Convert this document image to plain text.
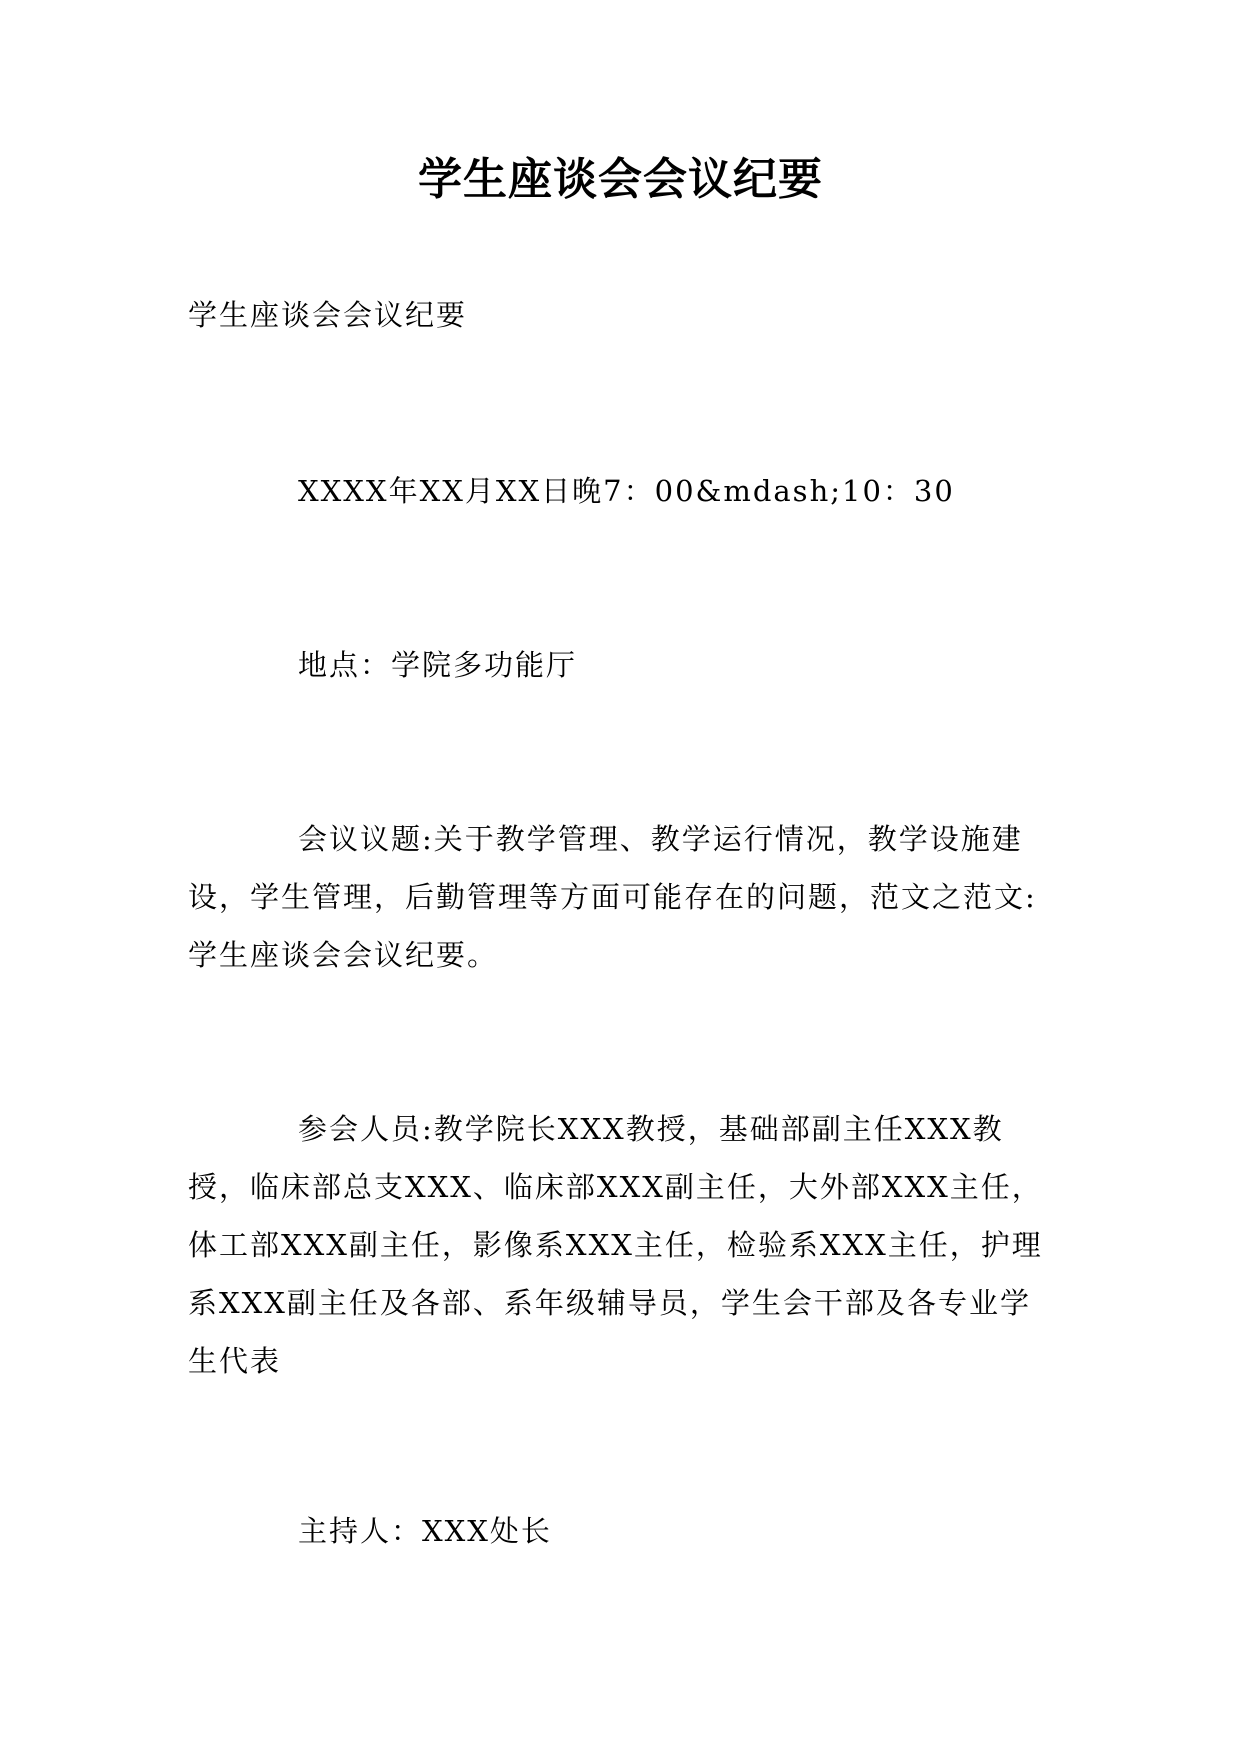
学生座谈会会议纪要

学生座谈会会议纪要

XXXX年XX月XX日晚7：00&mdash;10：30

地点：学院多功能厅

会议议题:关于教学管理、教学运行情况，教学设施建设，学生管理，后勤管理等方面可能存在的问题，范文之范文:学生座谈会会议纪要。

参会人员:教学院长XXX教授，基础部副主任XXX教授，临床部总支XXX、临床部XXX副主任，大外部XXX主任，体工部XXX副主任，影像系XXX主任，检验系XXX主任，护理系XXX副主任及各部、系年级辅导员，学生会干部及各专业学生代表

主持人：XXX处长
